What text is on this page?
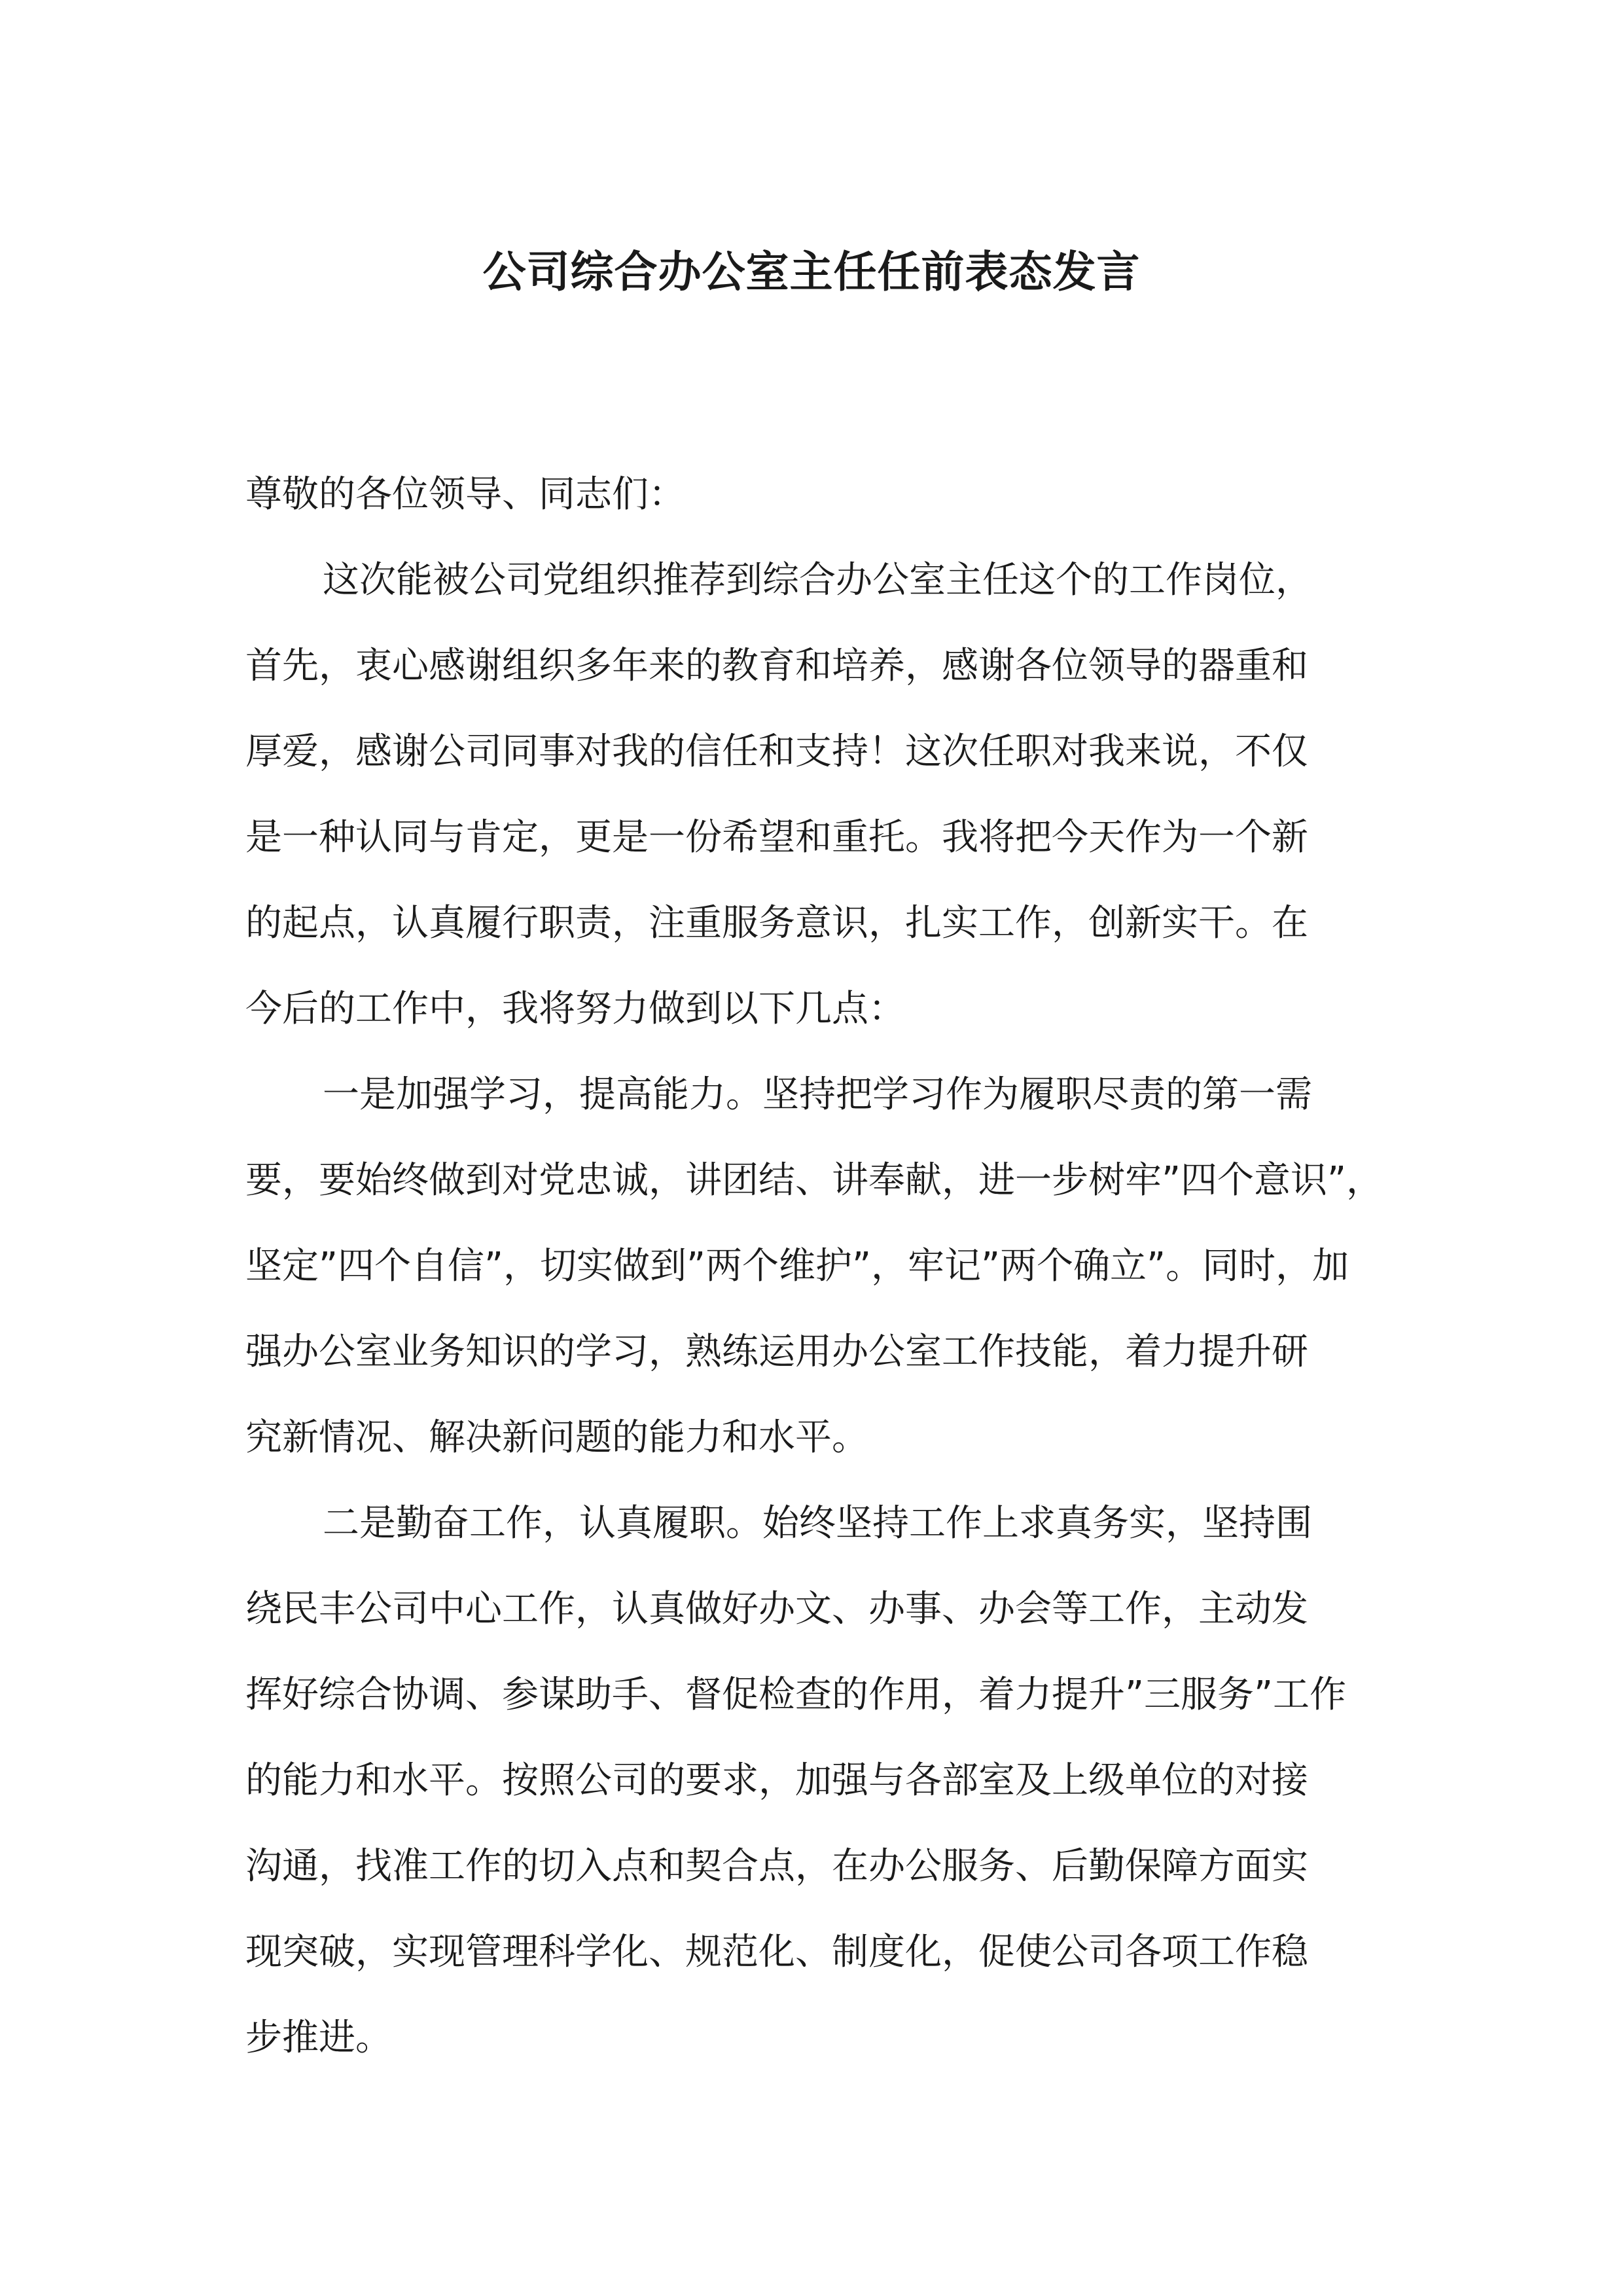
公司综合办公室主任任前表态发言
尊敬的各位领导、同志们：
这次能被公司党组织推荐到综合办公室主任这个的工作岗位，
首先，衷心感谢组织多年来的教育和培养，感谢各位领导的器重和
厚爱，感谢公司同事对我的信任和支持！这次任职对我来说，不仅
是一种认同与肯定，更是一份希望和重托。我将把今天作为一个新
的起点，认真履行职责，注重服务意识，扎实工作，创新实干。在
今后的工作中，我将努力做到以下几点：
一是加强学习，提高能力。坚持把学习作为履职尽责的第一需
要，要始终做到对党忠诚，讲团结、讲奉献，进一步树牢”四个意识”，
坚定”四个自信”，切实做到”两个维护”，牢记”两个确立”。同时，加
强办公室业务知识的学习，熟练运用办公室工作技能，着力提升研
究新情况、解决新问题的能力和水平。
二是勤奋工作，认真履职。始终坚持工作上求真务实，坚持围
绕民丰公司中心工作，认真做好办文、办事、办会等工作，主动发
挥好综合协调、参谋助手、督促检查的作用，着力提升”三服务”工作
的能力和水平。按照公司的要求，加强与各部室及上级单位的对接
沟通，找准工作的切入点和契合点，在办公服务、后勤保障方面实
现突破，实现管理科学化、规范化、制度化，促使公司各项工作稳
步推进。
